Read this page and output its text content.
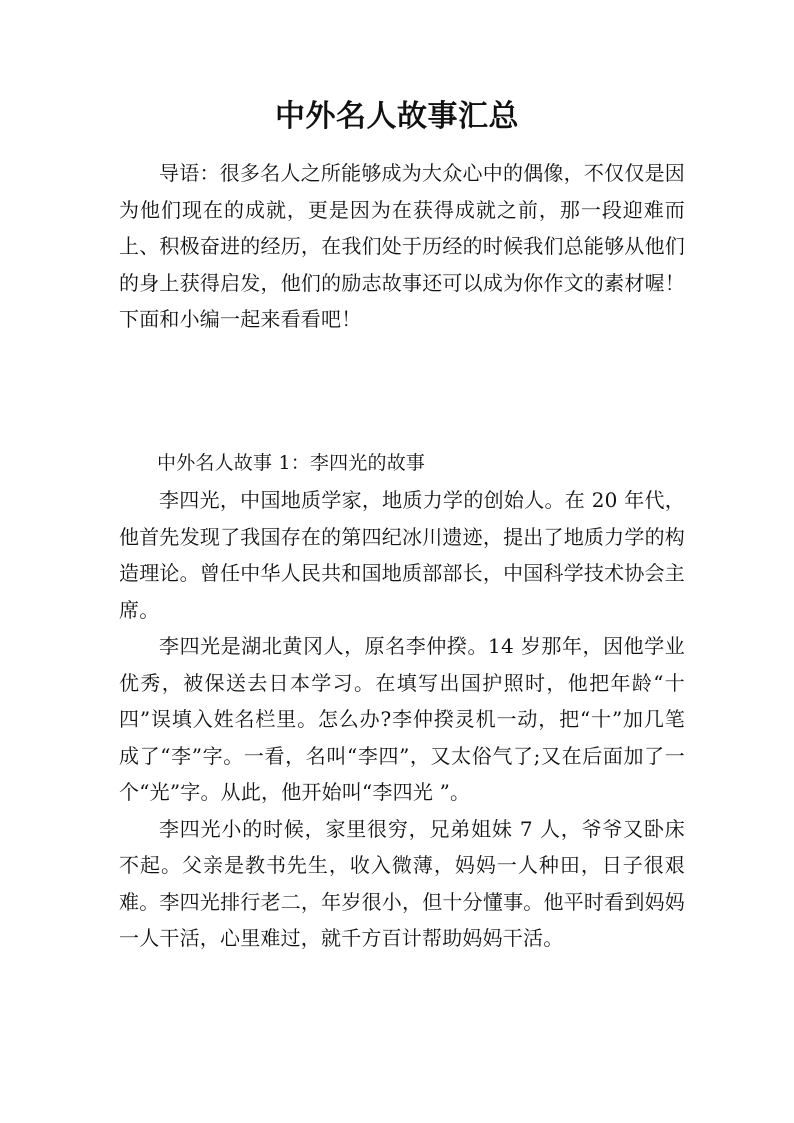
中外名人故事汇总

导语：很多名人之所能够成为大众心中的偶像，不仅仅是因为他们现在的成就，更是因为在获得成就之前，那一段迎难而上、积极奋进的经历，在我们处于历经的时候我们总能够从他们的身上获得启发，他们的励志故事还可以成为你作文的素材喔！下面和小编一起来看看吧！

中外名人故事 1：李四光的故事

李四光，中国地质学家，地质力学的创始人。在 20 年代，他首先发现了我国存在的第四纪冰川遗迹，提出了地质力学的构造理论。曾任中华人民共和国地质部部长，中国科学技术协会主席。

李四光是湖北黄冈人，原名李仲揆。14 岁那年，因他学业优秀，被保送去日本学习。在填写出国护照时，他把年龄“十四”误填入姓名栏里。怎么办?李仲揆灵机一动，把“十”加几笔成了“李”字。一看，名叫“李四”，又太俗气了;又在后面加了一个“光”字。从此，他开始叫“李四光 ”。

李四光小的时候，家里很穷，兄弟姐妹 7 人，爷爷又卧床不起。父亲是教书先生，收入微薄，妈妈一人种田，日子很艰难。李四光排行老二，年岁很小，但十分懂事。他平时看到妈妈一人干活，心里难过，就千方百计帮助妈妈干活。
